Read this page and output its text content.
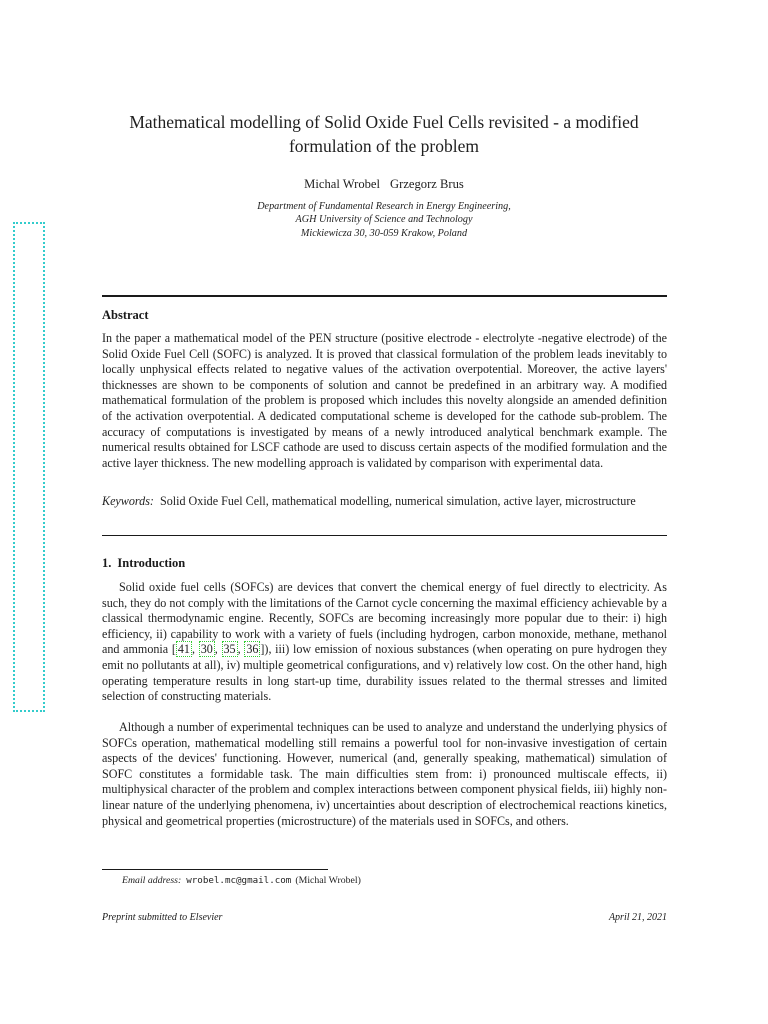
Mathematical modelling of Solid Oxide Fuel Cells revisited - a modified formulation of the problem
Michal Wrobel Grzegorz Brus
Department of Fundamental Research in Energy Engineering,
AGH University of Science and Technology
Mickiewicza 30, 30-059 Krakow, Poland
Abstract
In the paper a mathematical model of the PEN structure (positive electrode - electrolyte -negative electrode) of the Solid Oxide Fuel Cell (SOFC) is analyzed. It is proved that classical formulation of the problem leads inevitably to locally unphysical effects related to negative values of the activation overpotential. Moreover, the active layers' thicknesses are shown to be components of solution and cannot be predefined in an arbitrary way. A modified mathematical formulation of the problem is proposed which includes this novelty alongside an amended definition of the activation overpotential. A dedicated computational scheme is developed for the cathode sub-problem. The accuracy of computations is investigated by means of a newly introduced analytical benchmark example. The numerical results obtained for LSCF cathode are used to discuss certain aspects of the modified formulation and the active layer thickness. The new modelling approach is validated by comparison with experimental data.
Keywords: Solid Oxide Fuel Cell, mathematical modelling, numerical simulation, active layer, microstructure
1. Introduction
Solid oxide fuel cells (SOFCs) are devices that convert the chemical energy of fuel directly to electricity. As such, they do not comply with the limitations of the Carnot cycle concerning the maximal efficiency achievable by a classical thermodynamic engine. Recently, SOFCs are becoming increasingly more popular due to their: i) high efficiency, ii) capability to work with a variety of fuels (including hydrogen, carbon monoxide, methane, methanol and ammonia [ 41 , 30 , 35 , 36 ]), iii) low emission of noxious substances (when operating on pure hydrogen they emit no pollutants at all), iv) multiple geometrical configurations, and v) relatively low cost. On the other hand, high operating temperature results in long start-up time, durability issues related to the thermal stresses and limited selection of constructing materials.
Although a number of experimental techniques can be used to analyze and understand the underlying physics of SOFCs operation, mathematical modelling still remains a powerful tool for non-invasive investigation of certain aspects of the devices' functioning. However, numerical (and, generally speaking, mathematical) simulation of SOFC constitutes a formidable task. The main difficulties stem from: i) pronounced multiscale effects, ii) multiphysical character of the problem and complex interactions between component physical fields, iii) highly non-linear nature of the underlying phenomena, iv) uncertainties about description of electrochemical reactions kinetics, physical and geometrical properties (microstructure) of the materials used in SOFCs, and others.
Email address: wrobel.mc@gmail.com (Michal Wrobel)
Preprint submitted to Elsevier	April 21, 2021
